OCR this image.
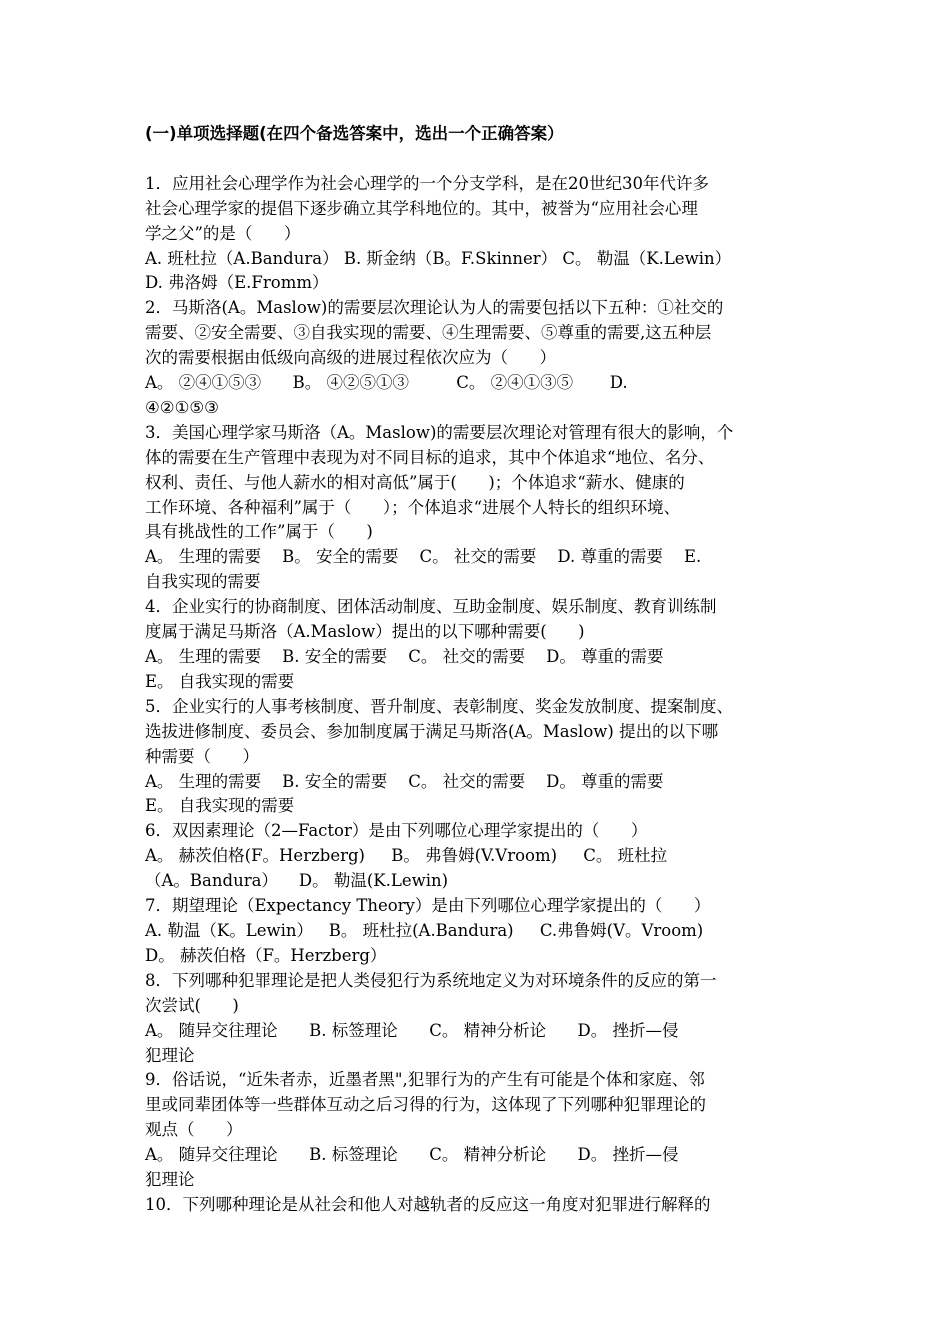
(一)单项选择题(在四个备选答案中，选出一个正确答案）
1．应用社会心理学作为社会心理学的一个分支学科，是在20世纪30年代许多
社会心理学家的提倡下逐步确立其学科地位的。其中，被誉为“应用社会心理
学之父”的是（      ）
A. 班杜拉（A.Bandura） B. 斯金纳（B。F.Skinner） C。 勒温（K.Lewin）
D. 弗洛姆（E.Fromm）
2．马斯洛(A。Maslow)的需要层次理论认为人的需要包括以下五种：①社交的
需要、②安全需要、③自我实现的需要、④生理需要、⑤尊重的需要,这五种层
次的需要根据由低级向高级的进展过程依次应为（      ）
A。 ②④①⑤③      B。 ④②⑤①③         C。 ②④①③⑤       D.
④②①⑤③
3．美国心理学家马斯洛（A。Maslow)的需要层次理论对管理有很大的影响，个
体的需要在生产管理中表现为对不同目标的追求，其中个体追求“地位、名分、
权利、责任、与他人薪水的相对高低”属于(      )；个体追求“薪水、健康的
工作环境、各种福利”属于（      ）；个体追求“进展个人特长的组织环境、
具有挑战性的工作”属于（      )
A。 生理的需要    B。 安全的需要    C。 社交的需要    D. 尊重的需要    E.
自我实现的需要
4．企业实行的协商制度、团体活动制度、互助金制度、娱乐制度、教育训练制
度属于满足马斯洛（A.Maslow）提出的以下哪种需要(      )
A。 生理的需要    B. 安全的需要    C。 社交的需要    D。 尊重的需要
E。 自我实现的需要
5．企业实行的人事考核制度、晋升制度、表彰制度、奖金发放制度、提案制度、
选拔进修制度、委员会、参加制度属于满足马斯洛(A。Maslow) 提出的以下哪
种需要（      ）
A。 生理的需要    B. 安全的需要    C。 社交的需要    D。 尊重的需要
E。 自我实现的需要
6．双因素理论（2—Factor）是由下列哪位心理学家提出的（      ）
A。 赫茨伯格(F。Herzberg)     B。 弗鲁姆(V.Vroom)     C。 班杜拉
（A。Bandura）    D。 勒温(K.Lewin)
7．期望理论（Expectancy Theory）是由下列哪位心理学家提出的（      ）
A. 勒温（K。Lewin）   B。 班杜拉(A.Bandura)     C.弗鲁姆(V。Vroom)
D。 赫茨伯格（F。Herzberg）
8．下列哪种犯罪理论是把人类侵犯行为系统地定义为对环境条件的反应的第一
次尝试(      )
A。 随异交往理论      B. 标签理论      C。 精神分析论      D。 挫折—侵
犯理论
9．俗话说，“近朱者赤，近墨者黑",犯罪行为的产生有可能是个体和家庭、邻
里或同辈团体等一些群体互动之后习得的行为，这体现了下列哪种犯罪理论的
观点（      ）
A。 随异交往理论      B. 标签理论      C。 精神分析论      D。 挫折—侵
犯理论
10．下列哪种理论是从社会和他人对越轨者的反应这一角度对犯罪进行解释的
